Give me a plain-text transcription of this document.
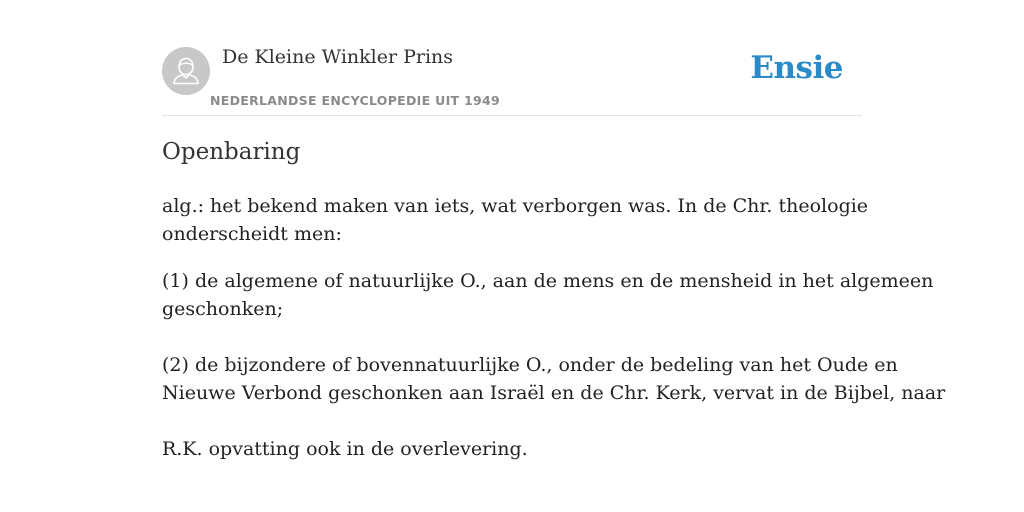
De Kleine Winkler Prins
NEDERLANDSE ENCYCLOPEDIE UIT 1949
Ensie
Openbaring

alg.: het bekend maken van iets, wat verborgen was. In de Chr. theologie

onderscheidt men:

(1) de algemene of natuurlijke O., aan de mens en de mensheid in het algemeen

geschonken;

(2) de bijzondere of bovennatuurlijke O., onder de bedeling van het Oude en

Nieuwe Verbond geschonken aan Israël en de Chr. Kerk, vervat in de Bijbel, naar

R.K. opvatting ook in de overlevering.
